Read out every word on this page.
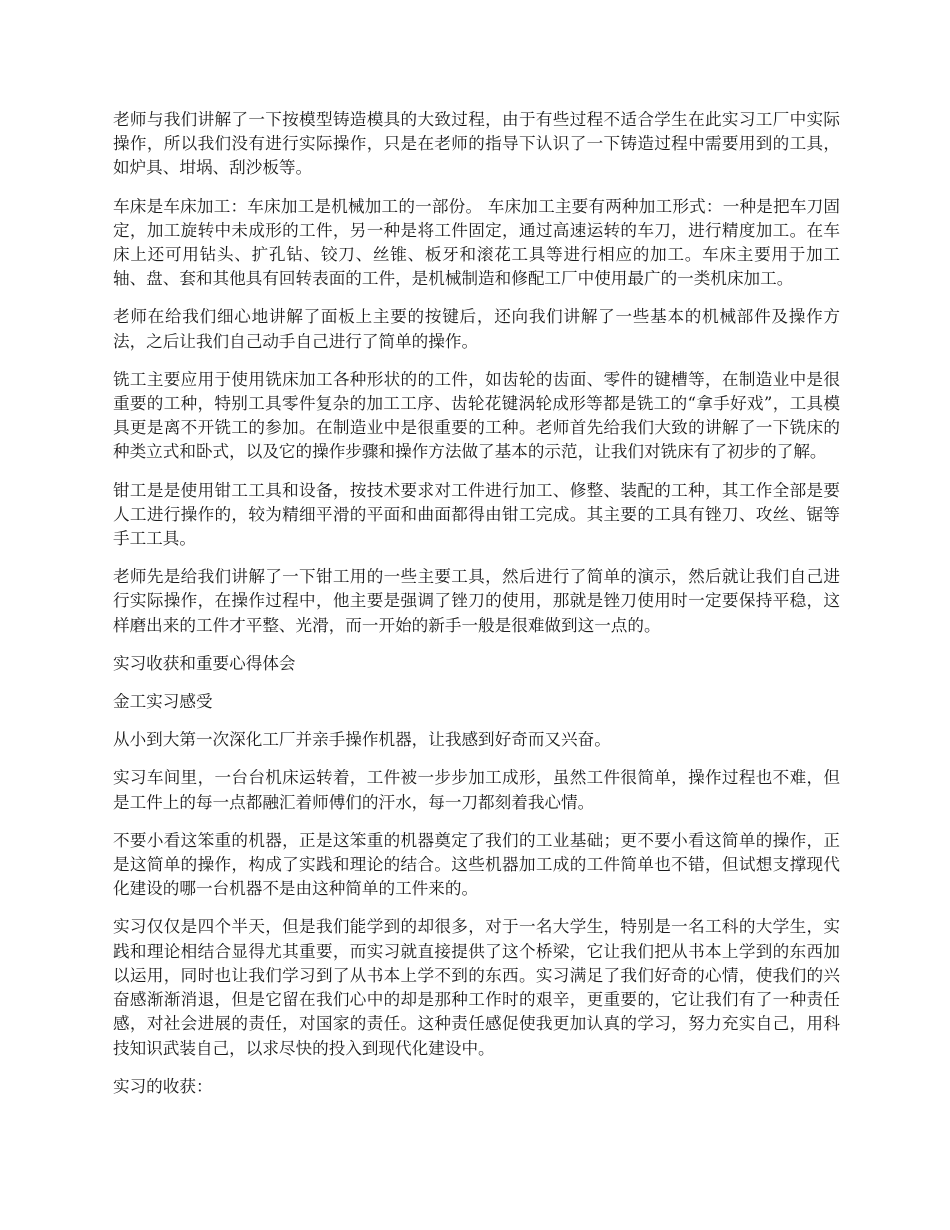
老师与我们讲解了一下按模型铸造模具的大致过程，由于有些过程不适合学生在此实习工厂中实际操作，所以我们没有进行实际操作，只是在老师的指导下认识了一下铸造过程中需要用到的工具，如炉具、坩埚、刮沙板等。

车床是车床加工：车床加工是机械加工的一部份。 车床加工主要有两种加工形式：一种是把车刀固定，加工旋转中未成形的工件，另一种是将工件固定，通过高速运转的车刀，进行精度加工。在车床上还可用钻头、扩孔钻、铰刀、丝锥、板牙和滚花工具等进行相应的加工。车床主要用于加工轴、盘、套和其他具有回转表面的工件，是机械制造和修配工厂中使用最广的一类机床加工。

老师在给我们细心地讲解了面板上主要的按键后，还向我们讲解了一些基本的机械部件及操作方法，之后让我们自己动手自己进行了简单的操作。

铣工主要应用于使用铣床加工各种形状的的工件，如齿轮的齿面、零件的键槽等，在制造业中是很重要的工种，特别工具零件复杂的加工工序、齿轮花键涡轮成形等都是铣工的“拿手好戏”，工具模具更是离不开铣工的参加。在制造业中是很重要的工种。老师首先给我们大致的讲解了一下铣床的种类立式和卧式，以及它的操作步骤和操作方法做了基本的示范，让我们对铣床有了初步的了解。

钳工是是使用钳工工具和设备，按技术要求对工件进行加工、修整、装配的工种，其工作全部是要人工进行操作的，较为精细平滑的平面和曲面都得由钳工完成。其主要的工具有锉刀、攻丝、锯等手工工具。

老师先是给我们讲解了一下钳工用的一些主要工具，然后进行了简单的演示，然后就让我们自己进行实际操作，在操作过程中，他主要是强调了锉刀的使用，那就是锉刀使用时一定要保持平稳，这样磨出来的工件才平整、光滑，而一开始的新手一般是很难做到这一点的。

实习收获和重要心得体会

金工实习感受

从小到大第一次深化工厂并亲手操作机器，让我感到好奇而又兴奋。

实习车间里，一台台机床运转着，工件被一步步加工成形，虽然工件很简单，操作过程也不难，但是工件上的每一点都融汇着师傅们的汗水，每一刀都刻着我心情。

不要小看这笨重的机器，正是这笨重的机器奠定了我们的工业基础；更不要小看这简单的操作，正是这简单的操作，构成了实践和理论的结合。这些机器加工成的工件简单也不错，但试想支撑现代化建设的哪一台机器不是由这种简单的工件来的。

实习仅仅是四个半天，但是我们能学到的却很多，对于一名大学生，特别是一名工科的大学生，实践和理论相结合显得尤其重要，而实习就直接提供了这个桥梁，它让我们把从书本上学到的东西加以运用，同时也让我们学习到了从书本上学不到的东西。实习满足了我们好奇的心情，使我们的兴奋感渐渐消退，但是它留在我们心中的却是那种工作时的艰辛，更重要的，它让我们有了一种责任感，对社会进展的责任，对国家的责任。这种责任感促使我更加认真的学习，努力充实自己，用科技知识武装自己，以求尽快的投入到现代化建设中。

实习的收获：
